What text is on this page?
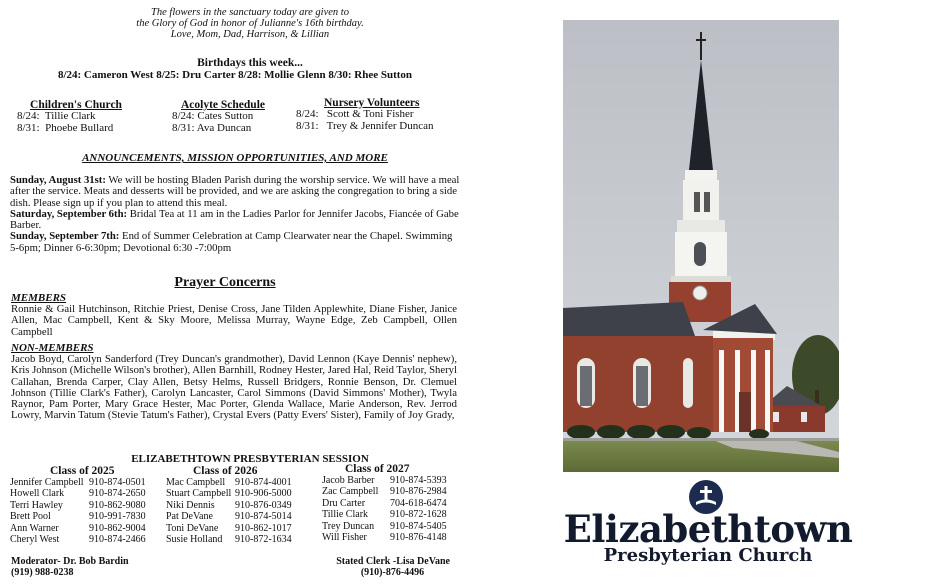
The flowers in the sanctuary today are given to
the Glory of God in honor of Julianne's 16th birthday.
Love, Mom, Dad, Harrison, & Lillian
Birthdays this week...
8/24: Cameron West 8/25: Dru Carter 8/28: Mollie Glenn 8/30: Rhee Sutton
Children's Church
8/24:  Tillie Clark
8/31:  Phoebe Bullard
Acolyte Schedule
8/24: Cates Sutton
8/31: Ava Duncan
Nursery Volunteers
8/24:   Scott & Toni Fisher
8/31:   Trey & Jennifer Duncan
ANNOUNCEMENTS, MISSION OPPORTUNITIES, AND MORE
Sunday, August 31st: We will be hosting Bladen Parish during the worship service. We will have a meal after the service. Meats and desserts will be provided, and we are asking the congregation to bring a side dish. Please sign up if you plan to attend this meal.
Saturday, September 6th: Bridal Tea at 11 am in the Ladies Parlor for Jennifer Jacobs, Fiancée of Gabe Barber.
Sunday, September 7th: End of Summer Celebration at Camp Clearwater near the Chapel. Swimming 5-6pm; Dinner 6-6:30pm; Devotional 6:30 -7:00pm
Prayer Concerns
MEMBERS
Ronnie & Gail Hutchinson, Ritchie Priest, Denise Cross, Jane Tilden Applewhite, Diane Fisher, Janice Allen, Mac Campbell, Kent & Sky Moore, Melissa Murray, Wayne Edge, Zeb Campbell, Ollen Campbell
NON-MEMBERS
Jacob Boyd, Carolyn Sanderford (Trey Duncan's grandmother), David Lennon (Kaye Dennis' nephew), Kris Johnson (Michelle Wilson's brother), Allen Barnhill, Rodney Hester, Jared Hal, Reid Taylor, Sheryl Callahan, Brenda Carper, Clay Allen, Betsy Helms, Russell Bridgers, Ronnie Benson, Dr. Clemuel Johnson (Tillie Clark's Father), Carolyn Lancaster, Carol Simmons (David Simmons' Mother), Twyla Raynor, Pam Porter, Mary Grace Hester, Mac Porter, Glenda Wallace, Marie Anderson, Rev. Jerrod Lowry, Marvin Tatum (Stevie Tatum's Father), Crystal Evers (Patty Evers' Sister), Family of Joy Grady,
ELIZABETHTOWN PRESBYTERIAN SESSION
Class of 2025
Jennifer Campbell 910-874-0501
Howell Clark 910-874-2650
Terri Hawley	910-862-9080
Brett Pool	910-991-7830
Ann Warner	910-862-9004
Cheryl West	910-874-2466
Class of 2026
Mac Campbell 910-874-4001
Stuart Campbell 910-906-5000
Niki Dennis 910-876-0349
Pat DeVane 910-874-5014
Toni DeVane 910-862-1017
Susie Holland 910-872-1634
Class of 2027
Jacob Barber 910-874-5393
Zac Campbell 910-876-2984
Dru Carter 704-618-6474
Tillie Clark 910-872-1628
Trey Duncan 910-874-5405
Will Fisher 910-876-4148
Moderator- Dr. Bob Bardin
(919) 988-0238
Stated Clerk -Lisa DeVane
(910)-876-4496
Elizabethtown
Presbyterian Church
